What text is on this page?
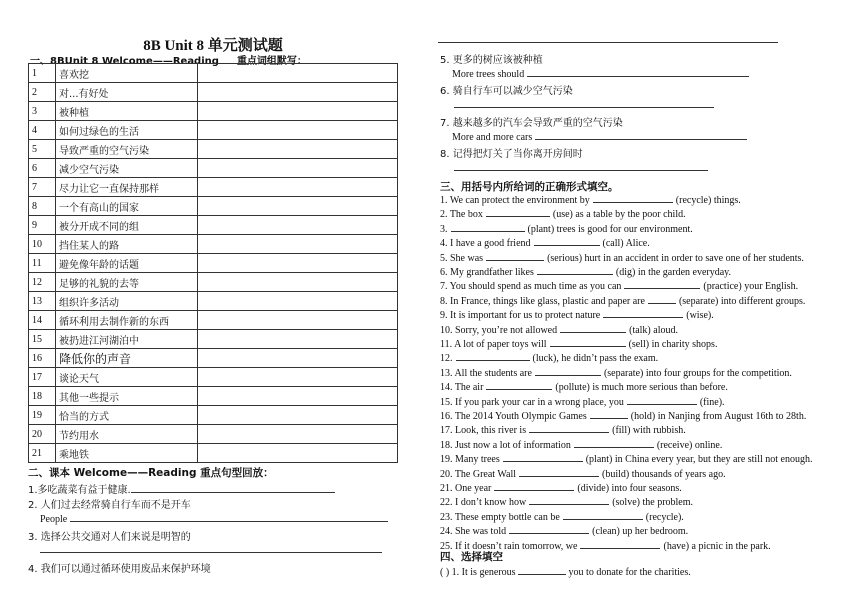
8B Unit 8 单元测试题
一、8BUnit 8 Welcome——Reading 重点词组默写：
1	喜欢挖	
2	对...有好处	
3	被种植	
4	如何过绿色的生活	
5	导致严重的空气污染	
6	减少空气污染	
7	尽力让它一直保持那样	
8	一个有高山的国家	
9	被分开成不同的组	
10	挡住某人的路	
11	避免像年龄的话题	
12	足够的礼貌的去等	
13	组织许多活动	
14	循环利用去制作新的东西	
15	被扔进江河湖泊中	
16	降低你的声音	
17	谈论天气	
18	其他一些提示	
19	恰当的方式	
20	节约用水	
21	乘地铁	
二、课本 Welcome——Reading 重点句型回放：
1.多吃蔬菜有益于健康.
2. 人们过去经常骑自行车而不是开车
People
3. 选择公共交通对人们来说是明智的
4. 我们可以通过循环使用废品来保护环境
5. 更多的树应该被种植
More trees should
6. 骑自行车可以减少空气污染
7. 越来越多的汽车会导致严重的空气污染
More and more cars
8. 记得把灯关了当你离开房间时
三、用括号内所给词的正确形式填空。
1. We can protect the environment by	(recycle) things.
2. The box	(use) as a table by the poor child.
3.	(plant) trees is good for our environment.
4. I have a good friend	(call) Alice.
5. She was	(serious) hurt in an accident in order to save one of her students.
6. My grandfather likes	(dig) in the garden everyday.
7. You should spend as much time as you can	(practice) your English.
8. In France, things like glass, plastic and paper are	(separate) into different groups.
9. It is important for us to protect nature	(wise).
10. Sorry, you’re not allowed	(talk) aloud.
11. A lot of paper toys will	(sell) in charity shops.
12.	(luck), he didn’t pass the exam.
13. All the students are	(separate) into four groups for the competition.
14. The air	(pollute) is much more serious than before.
15. If you park your car in a wrong place, you	(fine).
16. The 2014 Youth Olympic Games	(hold) in Nanjing from August 16th to 28th.
17. Look, this river is	(fill) with rubbish.
18. Just now a lot of information	(receive) online.
19. Many trees	(plant) in China every year, but they are still not enough.
20. The Great Wall	(build) thousands of years ago.
21. One year	(divide) into four seasons.
22. I don’t know how	(solve) the problem.
23. These empty bottle can be	(recycle).
24. She was told	(clean) up her bedroom.
25. If it doesn’t rain tomorrow, we	(have) a picnic in the park.
四、选择填空
( ) 1. It is generous	you to donate for the charities.
